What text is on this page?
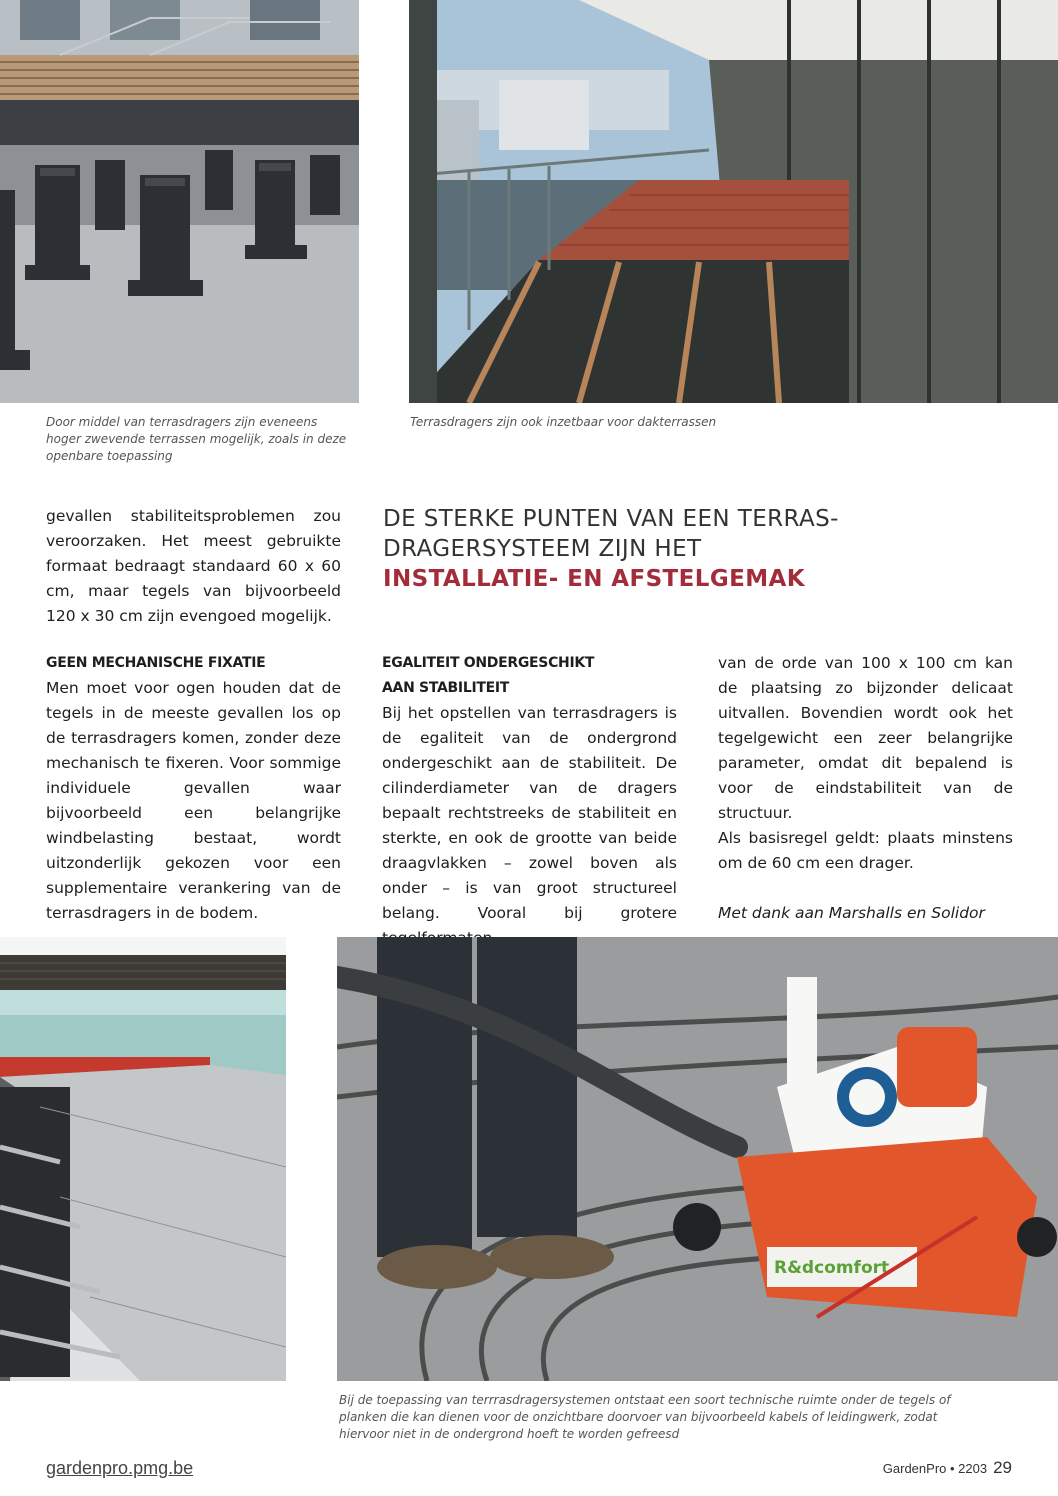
Door middel van terrasdragers zijn eveneens hoger zwevende terrassen mogelijk, zoals in deze openbare toepassing
Terrasdragers zijn ook inzetbaar voor dakterrassen
DE STERKE PUNTEN VAN EEN TERRAS-
DRAGERSYSTEEM ZIJN HET
INSTALLATIE- EN AFSTELGEMAK

gevallen stabiliteitsproblemen zou veroorzaken. Het meest gebruikte formaat bedraagt standaard 60 x 60 cm, maar tegels van bijvoorbeeld 120 x 30 cm zijn evengoed mogelijk.

GEEN MECHANISCHE FIXATIE

Men moet voor ogen houden dat de tegels in de meeste gevallen los op de terrasdragers komen, zonder deze mechanisch te fixeren. Voor sommige individuele gevallen waar bijvoorbeeld een belangrijke windbelasting bestaat, wordt uitzonderlijk gekozen voor een supplementaire verankering van de terrasdragers in de bodem.

EGALITEIT ONDERGESCHIKT
AAN STABILITEIT

Bij het opstellen van terrasdragers is de egaliteit van de ondergrond ondergeschikt aan de stabiliteit. De cilinderdiameter van de dragers bepaalt rechtstreeks de stabiliteit en sterkte, en ook de grootte van beide draagvlakken – zowel boven als onder – is van groot structureel belang. Vooral bij grotere

van de orde van 100 x 100 cm kan de plaatsing zo bijzonder delicaat uitvallen. Bovendien wordt ook het tegelgewicht een zeer belangrijke parameter, omdat dit bepalend is voor de eindstabiliteit van de structuur.

Als basisregel geldt: plaats minstens om de 60 cm een drager.

Met dank aan Marshalls en Solidor

R&dcomfort
Bij de toepassing van terrrasdragersystemen ontstaat een soort technische ruimte onder de tegels of planken die kan dienen voor de onzichtbare doorvoer van bijvoorbeeld kabels of leidingwerk, zodat hiervoor niet in de ondergrond hoeft te worden gefreesd
gardenpro.pmg.be	GardenPro • 2203 29
